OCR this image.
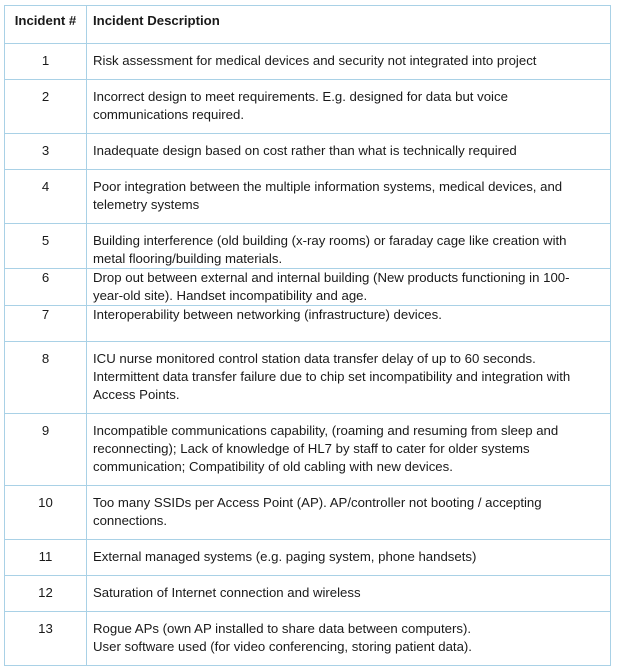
Incident #	Incident Description
1	Risk assessment for medical devices and security not integrated into project

2	Incorrect design to meet requirements. E.g. designed for data but voice
communications required.

3	Inadequate design based on cost rather than what is technically required

4	Poor integration between the multiple information systems, medical devices, and
telemetry systems

5	Building interference (old building (x-ray rooms) or faraday cage like creation with
metal flooring/building materials.

6	Drop out between external and internal building (New products functioning in 100-
year-old site). Handset incompatibility and age.

7	Interoperability between networking (infrastructure) devices.

8	ICU nurse monitored control station data transfer delay of up to 60 seconds.
Intermittent data transfer failure due to chip set incompatibility and integration with
Access Points.

9	Incompatible communications capability, (roaming and resuming from sleep and
reconnecting); Lack of knowledge of HL7 by staff to cater for older systems
communication; Compatibility of old cabling with new devices.

10	Too many SSIDs per Access Point (AP). AP/controller not booting / accepting
connections.

11	External managed systems (e.g. paging system, phone handsets)

12	Saturation of Internet connection and wireless

13	Rogue APs (own AP installed to share data between computers).
User software used (for video conferencing, storing patient data).
